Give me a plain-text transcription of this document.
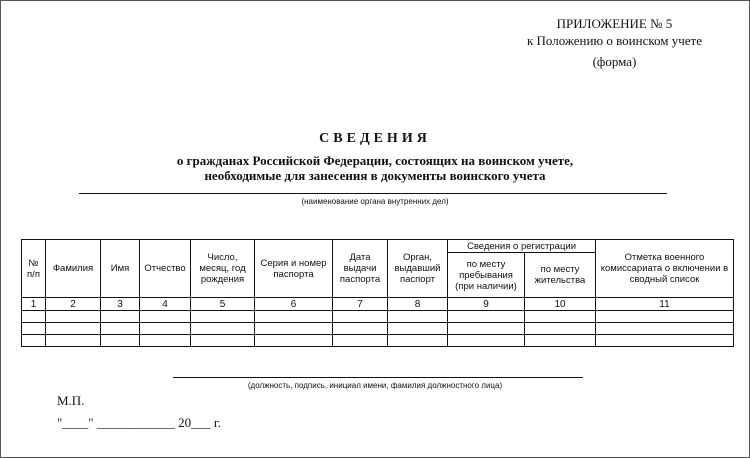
ПРИЛОЖЕНИЕ № 5
к Положению о воинском учете
(форма)
СВЕДЕНИЯ
о гражданах Российской Федерации, состоящих на воинском учете,
необходимые для занесения в документы воинского учета
(наименование органа внутренних дел)
№ п/п	Фамилия	Имя	Отчество	Число, месяц, год рождения	Серия и номер паспорта	Дата выдачи паспорта	Орган, выдавший паспорт	Сведения о регистрации		Отметка военного комиссариата о включении в сводный список
								по месту пребывания (при наличии)	по месту жительства	
1	2	3	4	5	6	7	8	9	10	11

(должность, подпись, инициал имени, фамилия должностного лица)
М.П.
"____" ____________ 20___ г.
